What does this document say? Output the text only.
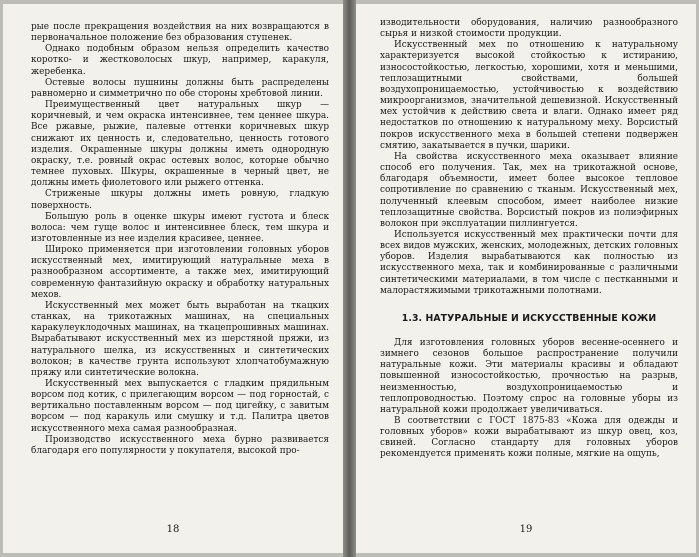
рые после прекращения воздействия на них возвращаются в первоначальное положение без образования ступенек.

Однако подобным образом нельзя определить качество коротко- и жестковолосых шкур, например, каракуля, жеребенка.

Остевые волосы пушнины должны быть распределены равномерно и симметрично по обе стороны хребтовой линии.

Преимущественный цвет натуральных шкур — коричневый, и чем окраска интенсивнее, тем ценнее шкура. Все ржавые, рыжие, палевые оттенки коричневых шкур снижают их ценность и, следовательно, ценность готового изделия. Окрашенные шкуры должны иметь однородную окраску, т.е. ровный окрас остевых волос, которые обычно темнее пуховых. Шкуры, окрашенные в черный цвет, не должны иметь фиолетового или рыжего оттенка.

Стриженые шкуры должны иметь ровную, гладкую поверхность.

Большую роль в оценке шкуры имеют густота и блеск волоса: чем гуще волос и интенсивнее блеск, тем шкура и изготовленные из нее изделия красивее, ценнее.

Широко применяется при изготовлении головных уборов искусственный мех, имитирующий натуральные меха в разнообразном ассортименте, а также мех, имитирующий современную фантазийную окраску и обработку натуральных мехов.

Искусственный мех может быть выработан на ткацких станках, на трикотажных машинах, на специальных каракулеуклодочных машинах, на ткацепрошивных машинах. Вырабатывают искусственный мех из шерстяной пряжи, из натурального шелка, из искусственных и синтетических волокон; в качестве грунта используют хлопчатобумажную пряжу или синтетические волокна.

Искусственный мех выпускается с гладким прядильным ворсом под котик, с прилегающим ворсом — под горностай, с вертикально поставленным ворсом — под цигейку, с завитым ворсом — под каракуль или смушку и т.д. Палитра цветов искусственного меха самая разнообразная.

Производство искусственного меха бурно развивается благодаря его популярности у покупателя, высокой про-

18

изводительности оборудования, наличию разнообразного сырья и низкой стоимости продукции.

Искусственный мех по отношению к натуральному характеризуется высокой стойкостью к истиранию, износостойкостью, легкостью, хорошими, хотя и меньшими, теплозащитными свойствами, большей воздухопроницаемостью, устойчивостью к воздействию микроорганизмов, значительной дешевизной. Искусственный мех устойчив к действию света и влаги. Однако имеет ряд недостатков по отношению к натуральному меху. Ворсистый покров искусственного меха в большей степени подвержен смятию, закатывается в пучки, шарики.

На свойства искусственного меха оказывает влияние способ его получения. Так, мех на трикотажной основе, благодаря объемности, имеет более высокое тепловое сопротивление по сравнению с тканым. Искусственный мех, полученный клеевым способом, имеет наиболее низкие теплозащитные свойства. Ворсистый покров из полиэфирных волокон при эксплуатации пиллингуется.

Используется искусственный мех практически почти для всех видов мужских, женских, молодежных, детских головных уборов. Изделия вырабатываются как полностью из искусственного меха, так и комбинированные с различными синтетическими материалами, в том числе с пестканными и малорастяжимыми трикотажными полотнами.

1.3. НАТУРАЛЬНЫЕ И ИСКУССТВЕННЫЕ КОЖИ

Для изготовления головных уборов весенне-осеннего и зимнего сезонов большое распространение получили натуральные кожи. Эти материалы красивы и обладают повышенной износостойкостью, прочностью на разрыв, неизменностью, воздухопроницаемостью и теплопроводностью. Поэтому спрос на головные уборы из натуральной кожи продолжает увеличиваться.

В соответствии с ГОСТ 1875-83 «Кожа для одежды и головных уборов» кожи вырабатывают из шкур овец, коз, свиней. Согласно стандарту для головных уборов рекомендуется применять кожи полные, мягкие на ощупь,

19
